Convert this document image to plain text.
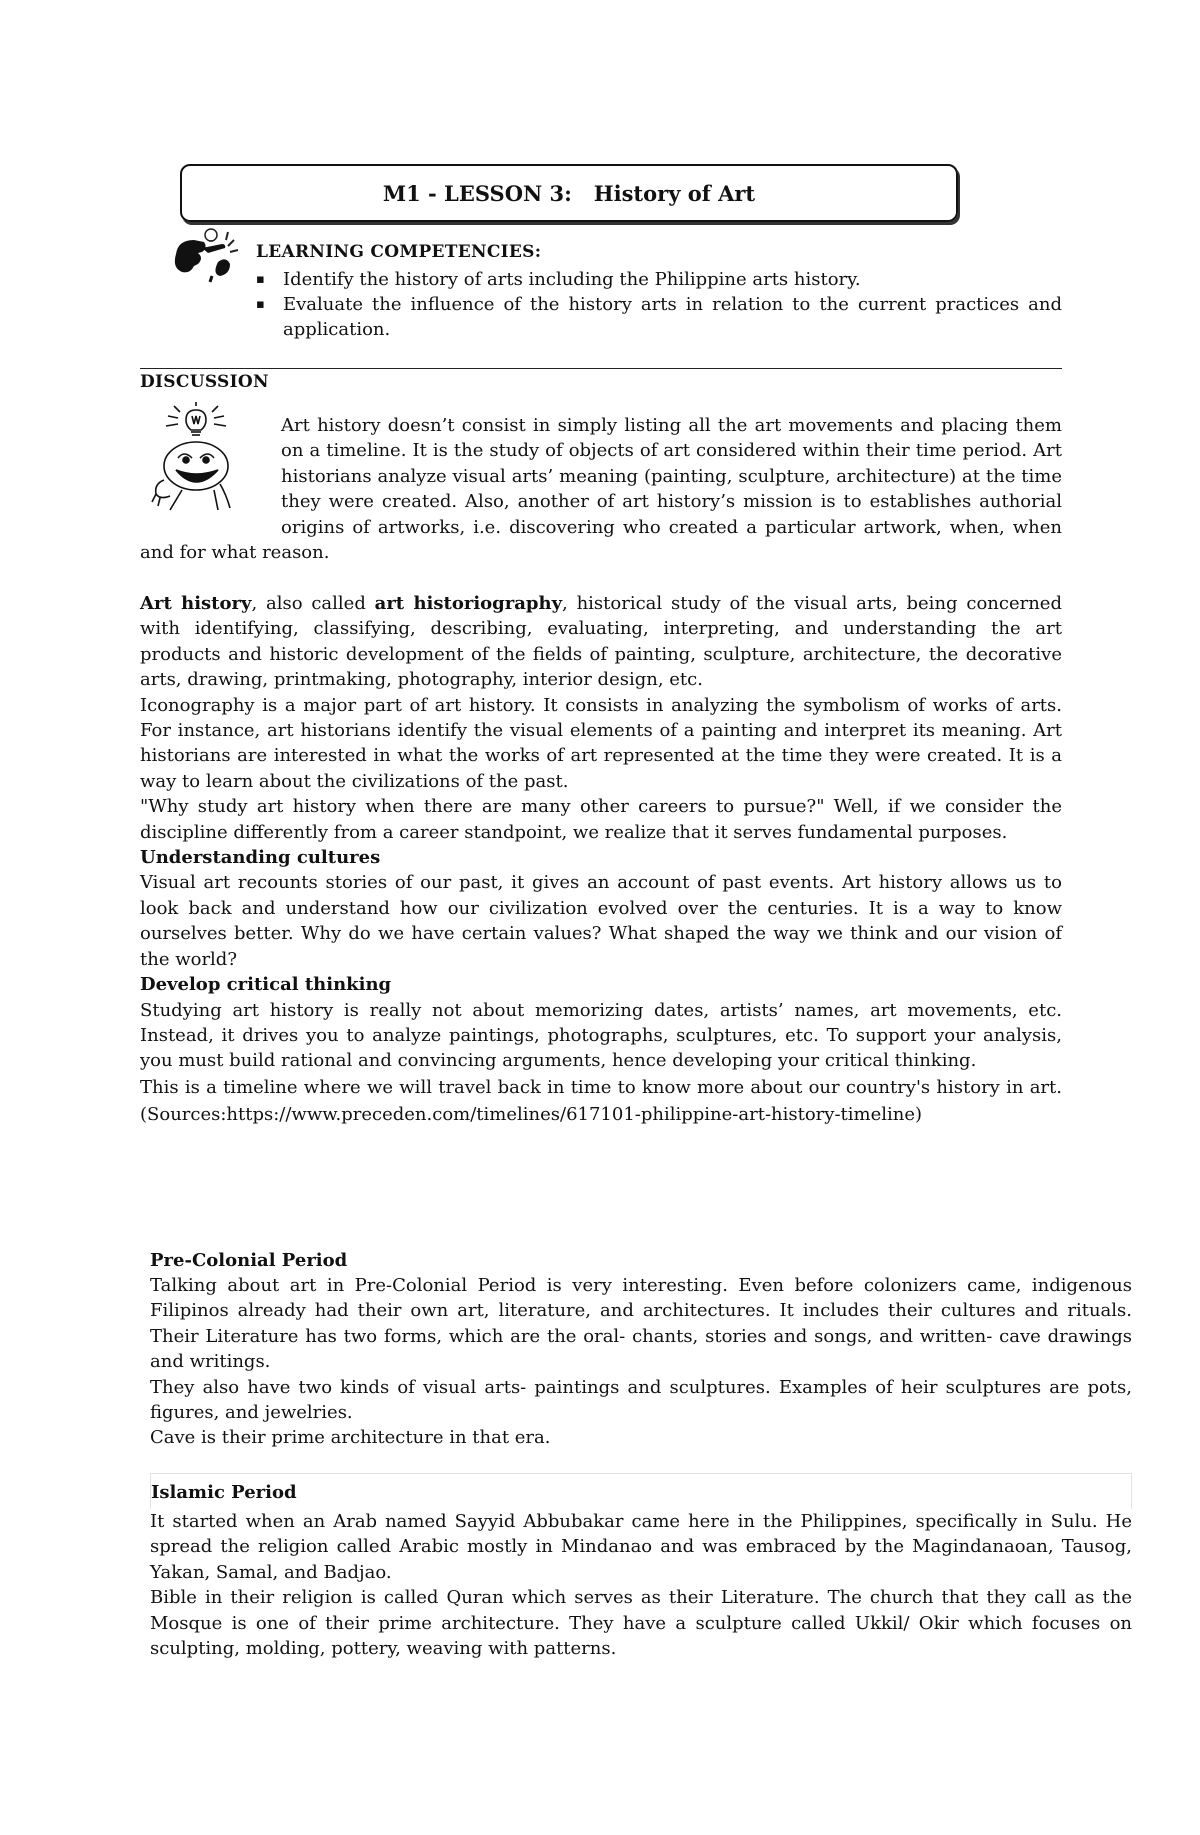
M1 - LESSON 3:   History of Art
LEARNING COMPETENCIES:
▪ Identify the history of arts including the Philippine arts history.
▪ Evaluate the influence of the history arts in relation to the current practices and application.
DISCUSSION

Art history doesn’t consist in simply listing all the art movements and placing them on a timeline. It is the study of objects of art considered within their time period. Art historians analyze visual arts’ meaning (painting, sculpture, architecture) at the time they were created. Also, another of art history’s mission is to establishes authorial origins of artworks, i.e. discovering who created a particular artwork, when, when and for what reason.

Art history, also called art historiography, historical study of the visual arts, being concerned with identifying, classifying, describing, evaluating, interpreting, and understanding the art products and historic development of the fields of painting, sculpture, architecture, the decorative arts, drawing, printmaking, photography, interior design, etc.

Iconography is a major part of art history. It consists in analyzing the symbolism of works of arts. For instance, art historians identify the visual elements of a painting and interpret its meaning. Art historians are interested in what the works of art represented at the time they were created. It is a way to learn about the civilizations of the past.

"Why study art history when there are many other careers to pursue?" Well, if we consider the discipline differently from a career standpoint, we realize that it serves fundamental purposes.

Understanding cultures

Visual art recounts stories of our past, it gives an account of past events. Art history allows us to look back and understand how our civilization evolved over the centuries. It is a way to know ourselves better. Why do we have certain values? What shaped the way we think and our vision of the world?

Develop critical thinking

Studying art history is really not about memorizing dates, artists’ names, art movements, etc. Instead, it drives you to analyze paintings, photographs, sculptures, etc. To support your analysis, you must build rational and convincing arguments, hence developing your critical thinking.

This is a timeline where we will travel back in time to know more about our country's history in art. (Sources:https://www.preceden.com/timelines/617101-philippine-art-history-timeline)

Pre-Colonial Period

Talking about art in Pre-Colonial Period is very interesting. Even before colonizers came, indigenous Filipinos already had their own art, literature, and architectures. It includes their cultures and rituals. Their Literature has two forms, which are the oral- chants, stories and songs, and written- cave drawings and writings.

They also have two kinds of visual arts- paintings and sculptures. Examples of heir sculptures are pots, figures, and jewelries.

Cave is their prime architecture in that era.

Islamic Period

It started when an Arab named Sayyid Abbubakar came here in the Philippines, specifically in Sulu. He spread the religion called Arabic mostly in Mindanao and was embraced by the Magindanaoan, Tausog, Yakan, Samal, and Badjao.

Bible in their religion is called Quran which serves as their Literature. The church that they call as the Mosque is one of their prime architecture. They have a sculpture called Ukkil/ Okir which focuses on sculpting, molding, pottery, weaving with patterns.
